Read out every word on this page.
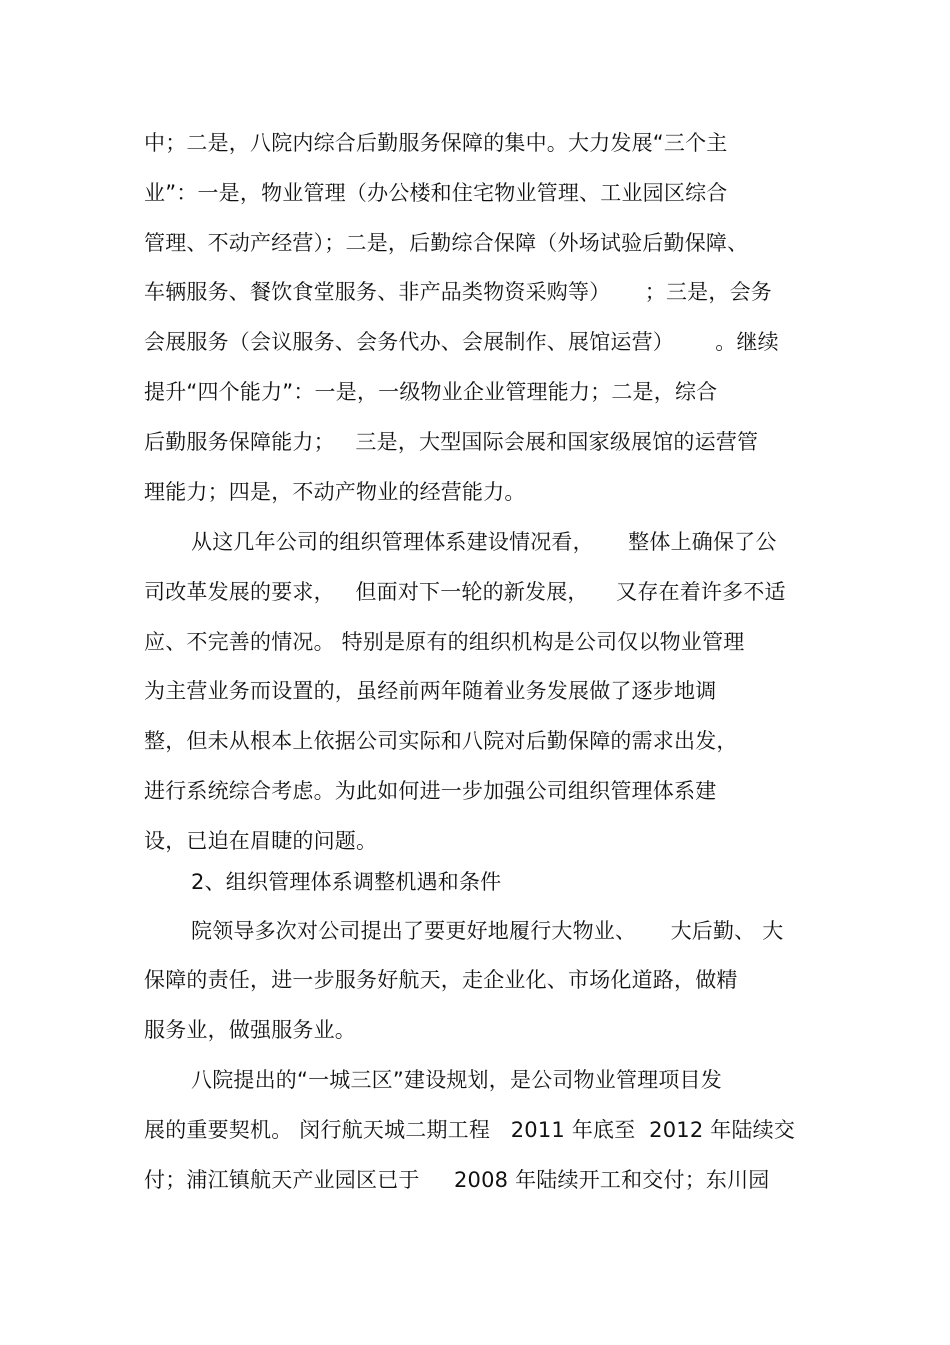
中；二是，八院内综合后勤服务保障的集中。大力发展“三个主
业”：一是，物业管理（办公楼和住宅物业管理、工业园区综合
管理、不动产经营）；二是，后勤综合保障（外场试验后勤保障、
车辆服务、餐饮食堂服务、非产品类物资采购等）     ；三是，会务
会展服务（会议服务、会务代办、会展制作、展馆运营）      。继续
提升“四个能力”：一是，一级物业企业管理能力；二是，综合
后勤服务保障能力；   三是，大型国际会展和国家级展馆的运营管
理能力；四是，不动产物业的经营能力。
从这几年公司的组织管理体系建设情况看，     整体上确保了公
司改革发展的要求，   但面对下一轮的新发展，    又存在着许多不适
应、不完善的情况。 特别是原有的组织机构是公司仅以物业管理
为主营业务而设置的，虽经前两年随着业务发展做了逐步地调
整，但未从根本上依据公司实际和八院对后勤保障的需求出发，
进行系统综合考虑。为此如何进一步加强公司组织管理体系建
设，已迫在眉睫的问题。
2、组织管理体系调整机遇和条件
院领导多次对公司提出了要更好地履行大物业、     大后勤、 大
保障的责任，进一步服务好航天，走企业化、市场化道路，做精
服务业，做强服务业。
八院提出的“一城三区”建设规划，是公司物业管理项目发
展的重要契机。 闵行航天城二期工程   2011 年底至  2012 年陆续交
付；浦江镇航天产业园区已于     2008 年陆续开工和交付；东川园
